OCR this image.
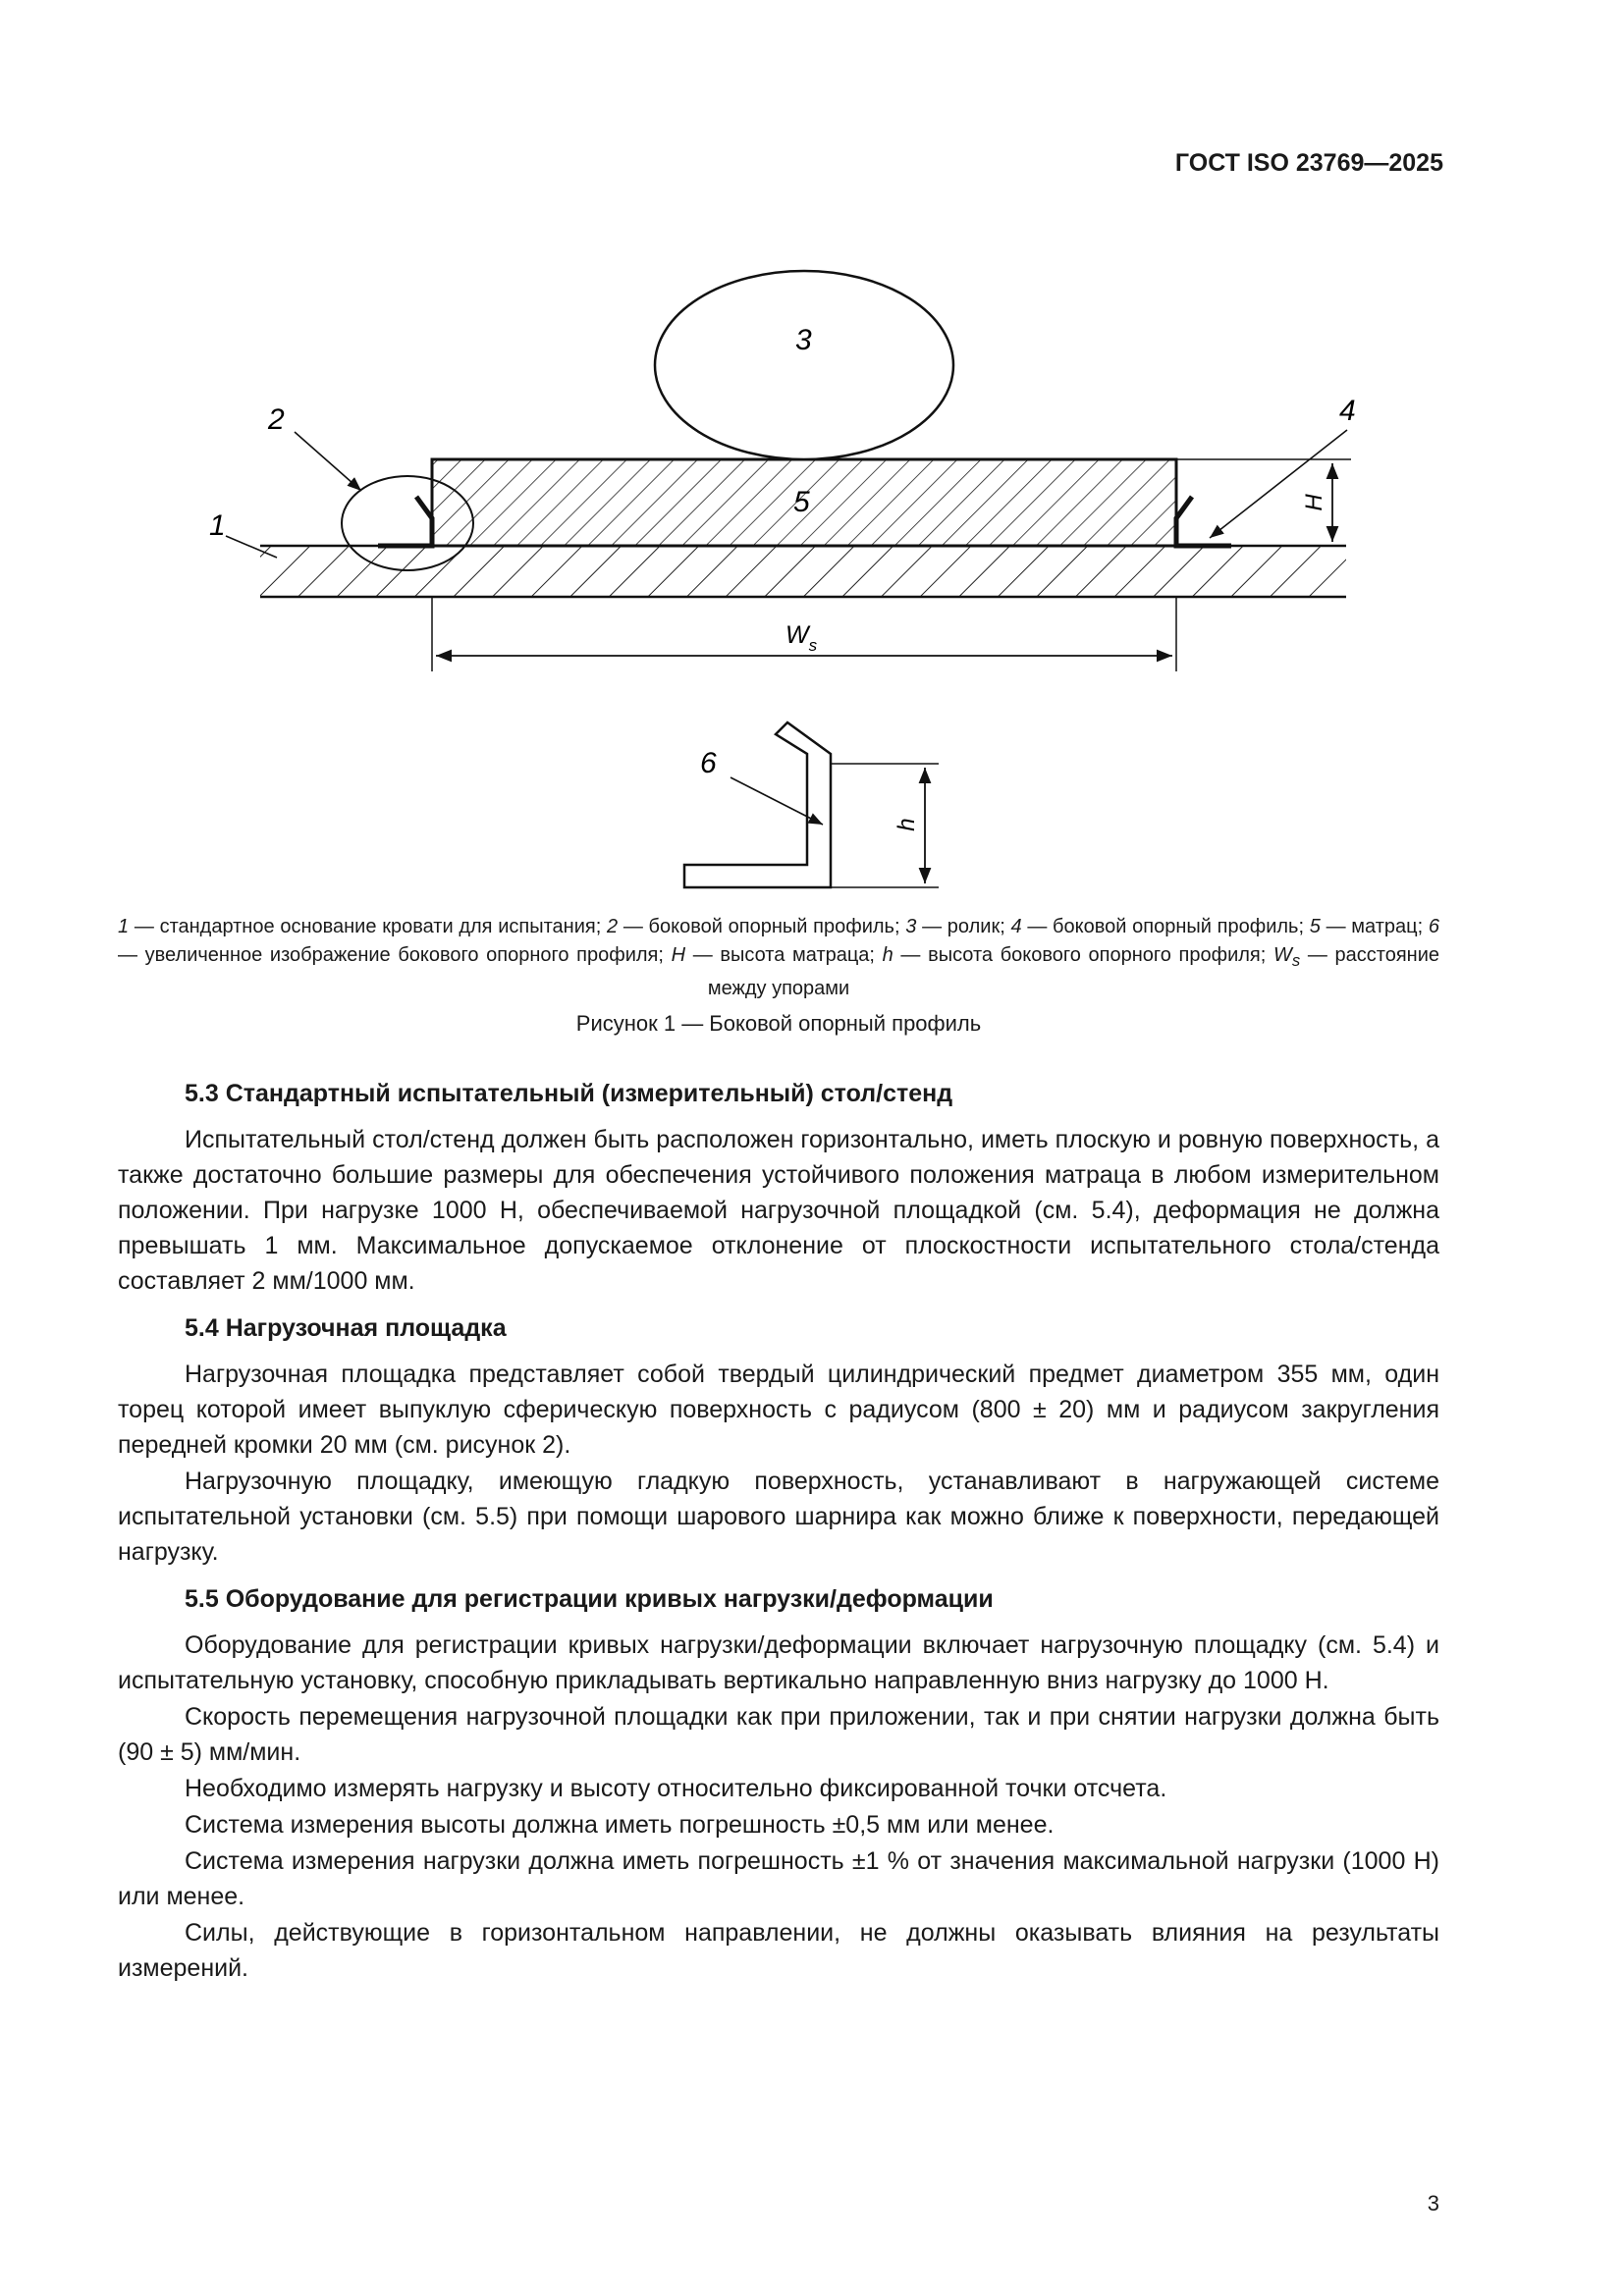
ГОСТ ISO 23769—2025
H
$W_s$
1
2
3
4
5
6
h
1 — стандартное основание кровати для испытания; 2 — боковой опорный профиль; 3 — ролик; 4 — боковой опорный профиль; 5 — матрац; 6 — увеличенное изображение бокового опорного профиля; H — высота матраца; h — высота бокового опорного профиля; $W_s$ — расстояние между упорами
Рисунок 1 — Боковой опорный профиль
5.3 Стандартный испытательный (измерительный) стол/стенд

Испытательный стол/стенд должен быть расположен горизонтально, иметь плоскую и ровную поверхность, а также достаточно большие размеры для обеспечения устойчивого положения матраца в любом измерительном положении. При нагрузке 1000 Н, обеспечиваемой нагрузочной площадкой (см. 5.4), деформация не должна превышать 1 мм. Максимальное допускаемое отклонение от плоскостности испытательного стола/стенда составляет 2 мм/1000 мм.

5.4 Нагрузочная площадка

Нагрузочная площадка представляет собой твердый цилиндрический предмет диаметром 355 мм, один торец которой имеет выпуклую сферическую поверхность с радиусом (800 ± 20) мм и радиусом закругления передней кромки 20 мм (см. рисунок 2).

Нагрузочную площадку, имеющую гладкую поверхность, устанавливают в нагружающей системе испытательной установки (см. 5.5) при помощи шарового шарнира как можно ближе к поверхности, передающей нагрузку.

5.5 Оборудование для регистрации кривых нагрузки/деформации

Оборудование для регистрации кривых нагрузки/деформации включает нагрузочную площадку (см. 5.4) и испытательную установку, способную прикладывать вертикально направленную вниз нагрузку до 1000 Н.

Скорость перемещения нагрузочной площадки как при приложении, так и при снятии нагрузки должна быть (90 ± 5) мм/мин.

Необходимо измерять нагрузку и высоту относительно фиксированной точки отсчета.

Система измерения высоты должна иметь погрешность ±0,5 мм или менее.

Система измерения нагрузки должна иметь погрешность ±1 % от значения максимальной нагрузки (1000 Н) или менее.

Силы, действующие в горизонтальном направлении, не должны оказывать влияния на результаты измерений.

3
